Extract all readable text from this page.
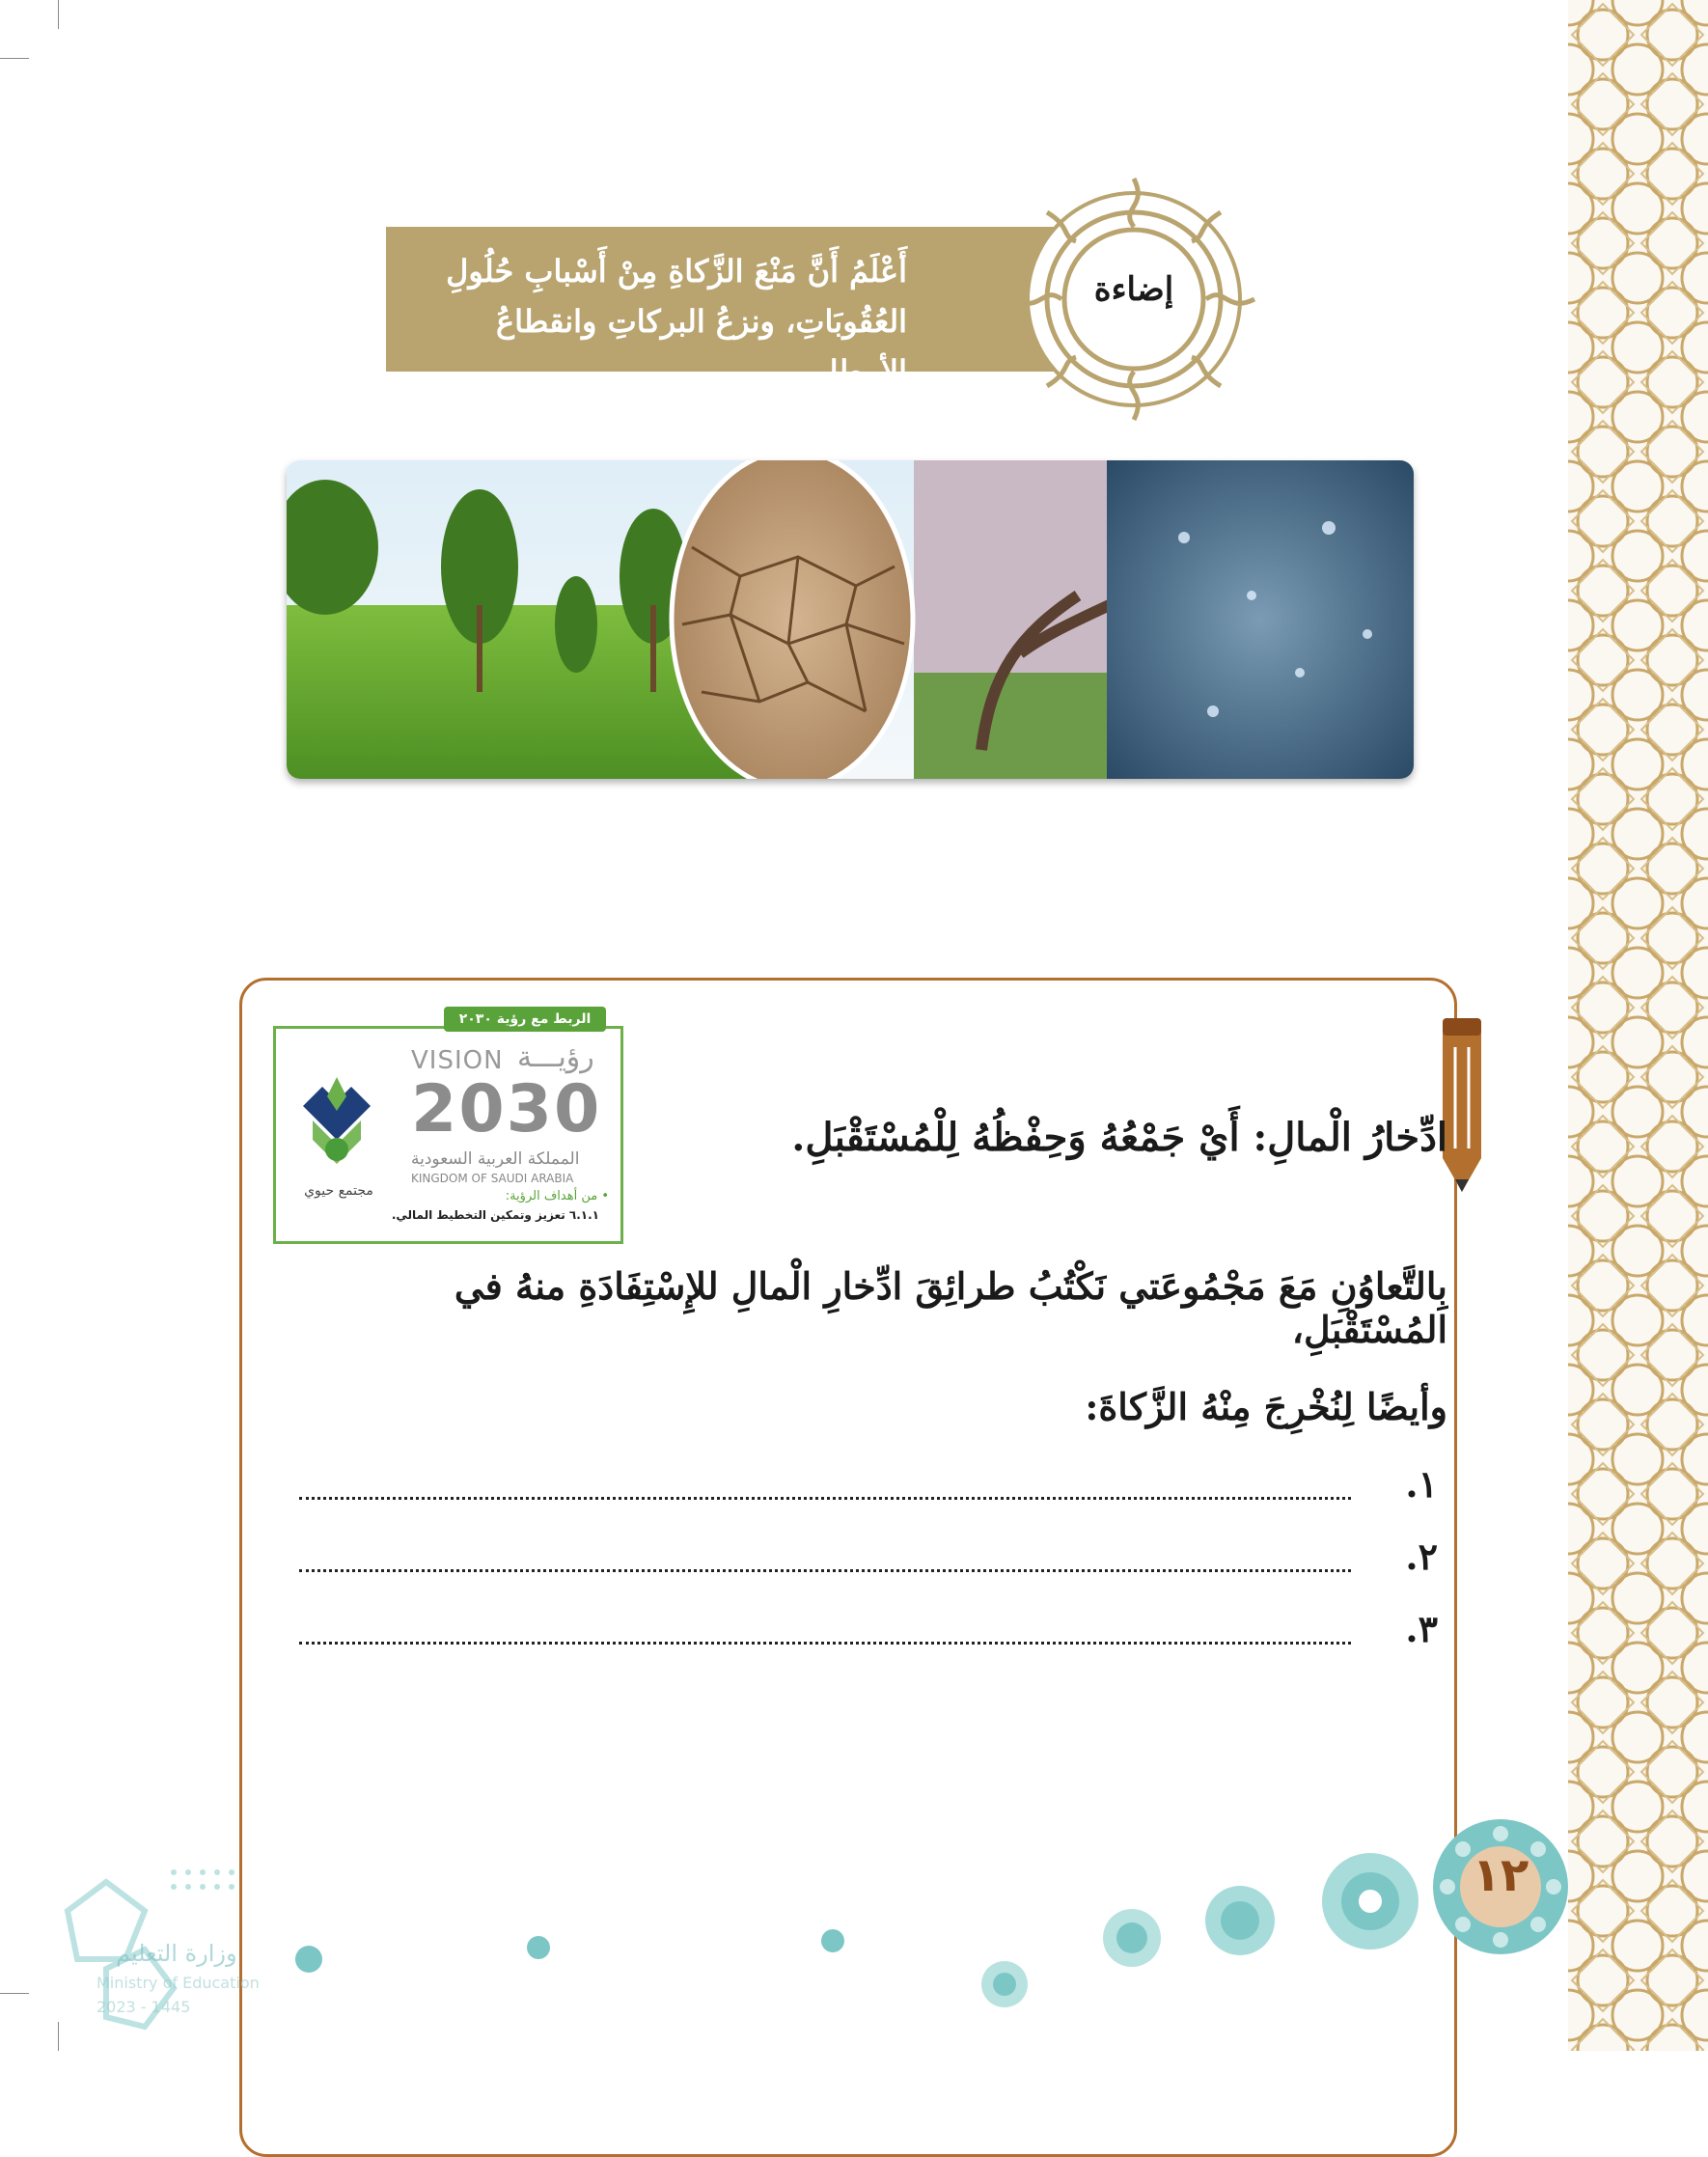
أَعْلَمُ أَنَّ مَنْعَ الزَّكاةِ مِنْ أَسْبابِ حُلُولِ العُقُوبَاتِ، ونزعُ البركاتِ وانقطاعُ الأمطارِ.
إضاءة
مجتمع حيوي
رؤيـــة
VISION
2030
المملكة العربية السعودية
KINGDOM OF SAUDI ARABIA
• من أهداف الرؤية:
٦.١.١ تعزيز وتمكين التخطيط المالي.
الربط مع رؤية ٢٠٣٠
ادِّخارُ الْمالِ: أَيْ جَمْعُهُ وَحِفْظُهُ لِلْمُسْتَقْبَلِ.
بِالتَّعاوُنِ مَعَ مَجْمُوعَتي نَكْتُبُ طرائِقَ ادِّخارِ الْمالِ للإِسْتِفَادَةِ منهُ في المُسْتَقْبَلِ،
وأيضًا لِنُخْرِجَ مِنْهُ الزَّكاةَ:
١.
٢.
٣.
١٢
وزارة التعليم
Ministry of Education
2023 - 1445
